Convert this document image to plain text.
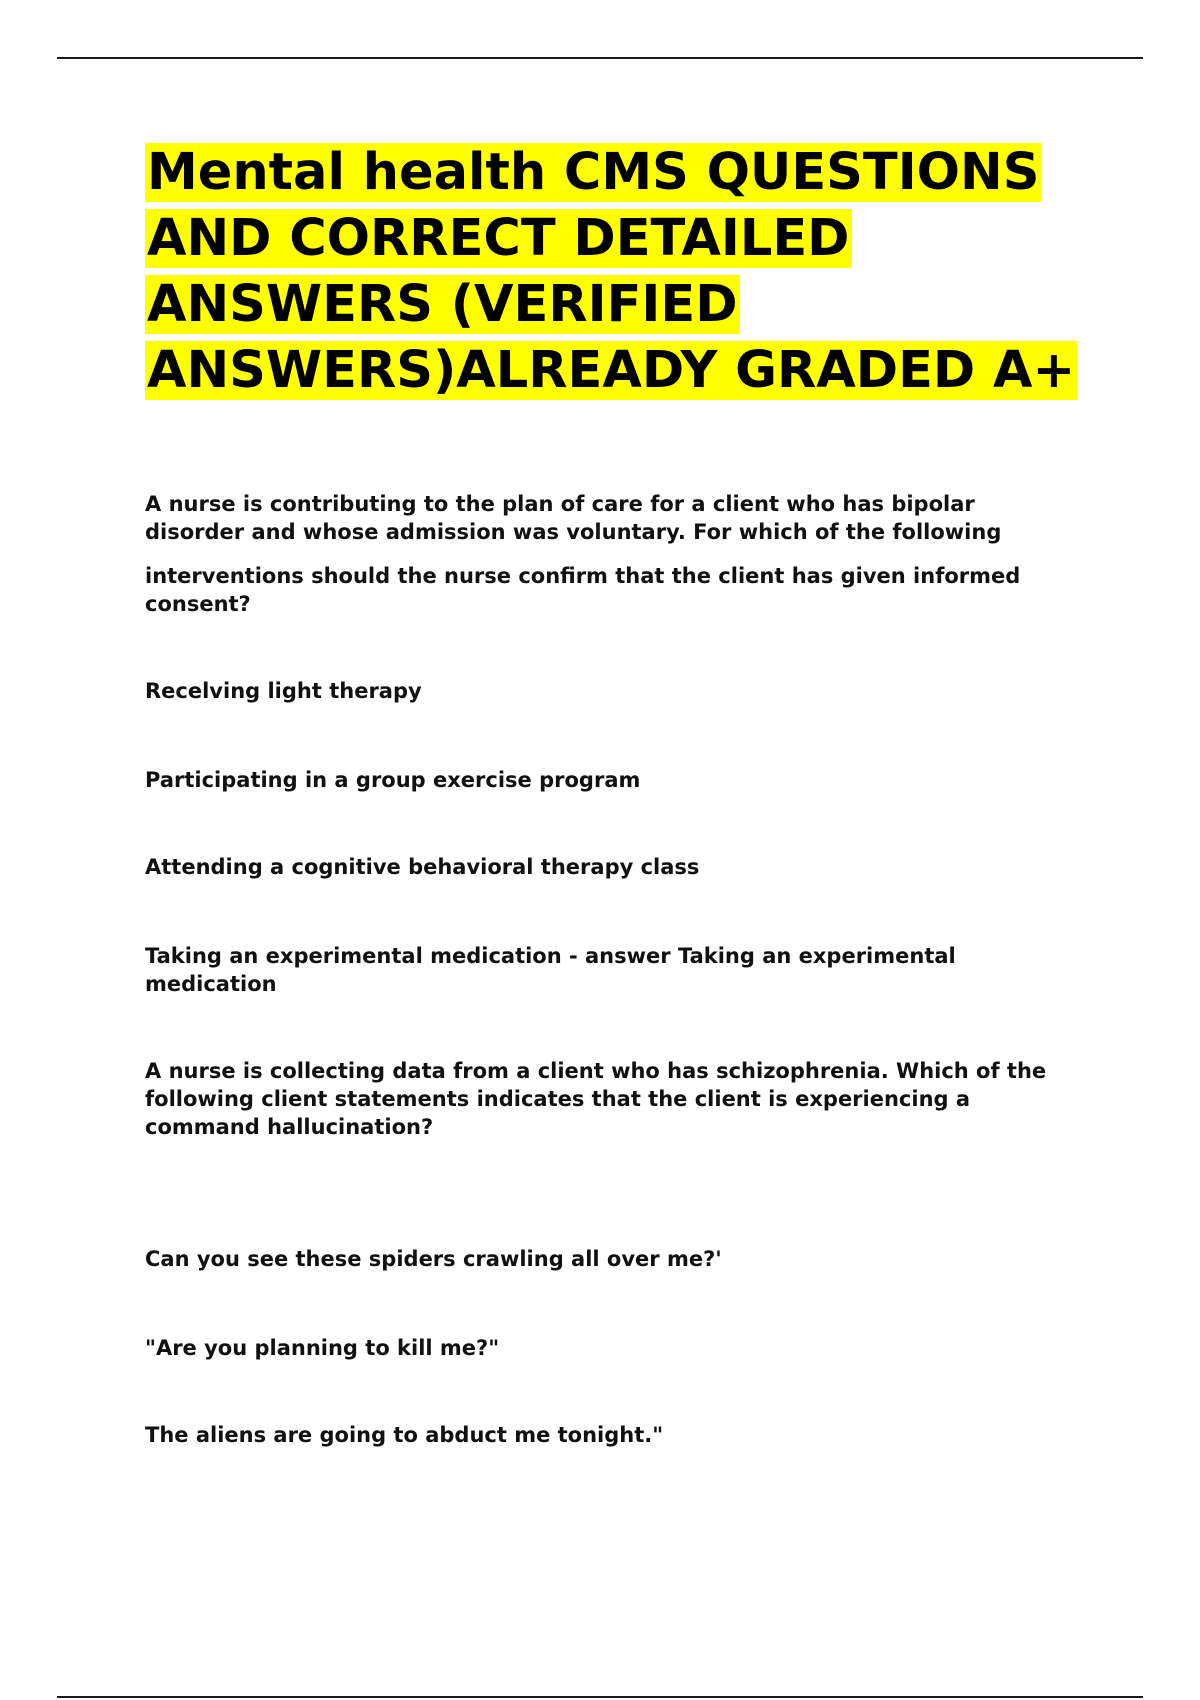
Mental health CMS QUESTIONS AND CORRECT DETAILED ANSWERS (VERIFIED ANSWERS)ALREADY GRADED A+

A nurse is contributing to the plan of care for a client who has bipolar disorder and whose admission was voluntary. For which of the following

interventions should the nurse confirm that the client has given informed consent?

Recelving light therapy

Participating in a group exercise program

Attending a cognitive behavioral therapy class

Taking an experimental medication - answer Taking an experimental medication

A nurse is collecting data from a client who has schizophrenia. Which of the following client statements indicates that the client is experiencing a command hallucination?

Can you see these spiders crawling all over me?'

"Are you planning to kill me?"

The aliens are going to abduct me tonight."
